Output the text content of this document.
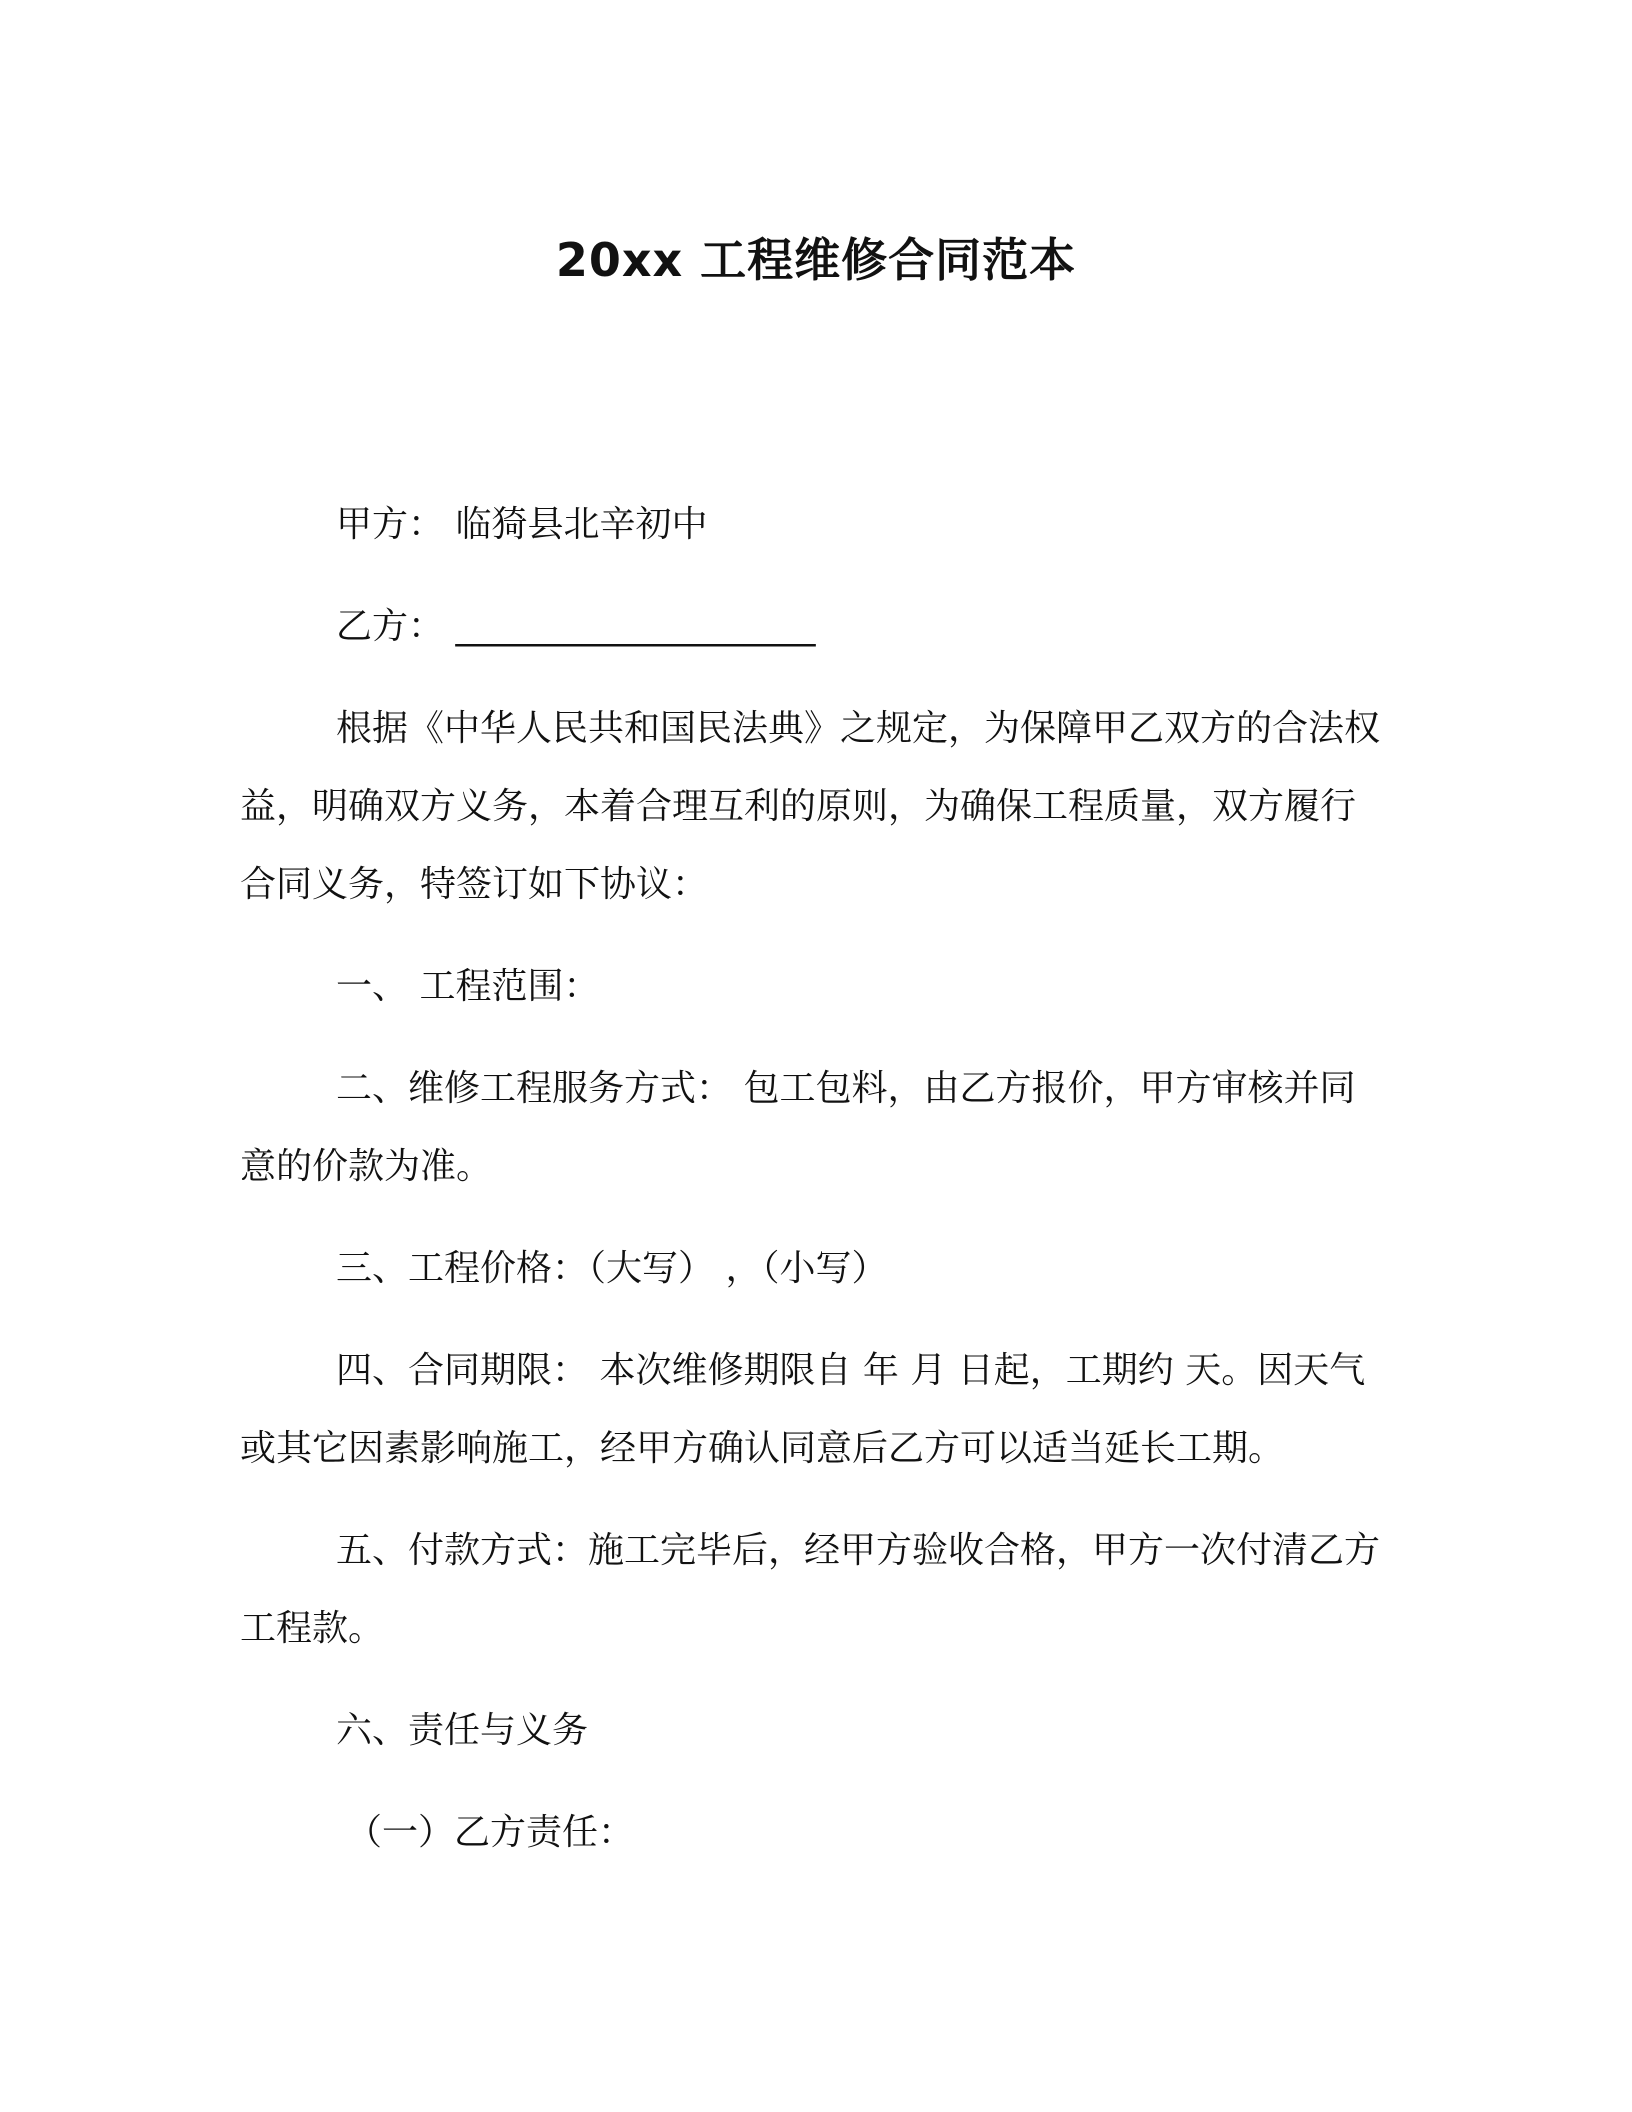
20xx 工程维修合同范本

甲方： 临猗县北辛初中

乙方： ____________________

根据《中华人民共和国民法典》之规定，为保障甲乙双方的合法权益，明确双方义务，本着合理互利的原则，为确保工程质量，双方履行合同义务，特签订如下协议：

一、 工程范围：

二、维修工程服务方式： 包工包料，由乙方报价，甲方审核并同意的价款为准。

三、工程价格：（大写） ，（小写）

四、合同期限： 本次维修期限自 年 月 日起，工期约 天。因天气或其它因素影响施工，经甲方确认同意后乙方可以适当延长工期。

五、付款方式：施工完毕后，经甲方验收合格，甲方一次付清乙方工程款。

六、责任与义务

（一）乙方责任：
